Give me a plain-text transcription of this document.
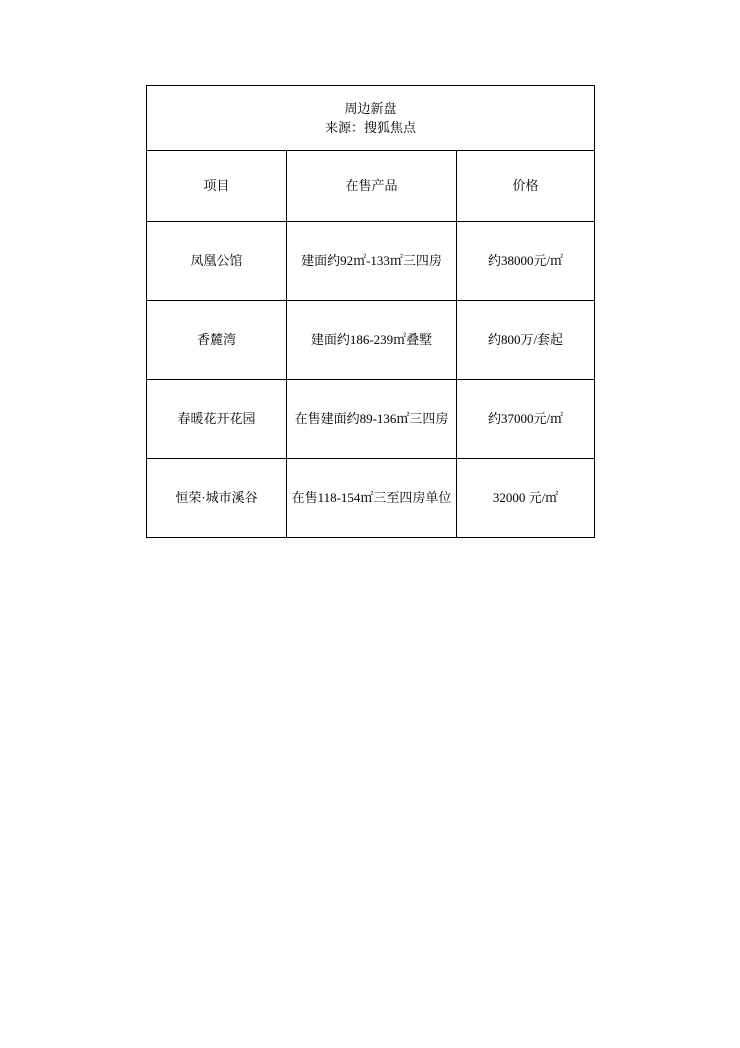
周边新盘
来源：搜狐焦点		

项目	在售产品	价格
凤凰公馆	建面约92㎡-133㎡三四房	约38000元/㎡
香麓湾	建面约186-239㎡叠墅	约800万/套起
春暖花开花园	在售建面约89-136㎡三四房	约37000元/㎡
恒荣·城市溪谷	在售118-154㎡三至四房单位	32000 元/㎡
